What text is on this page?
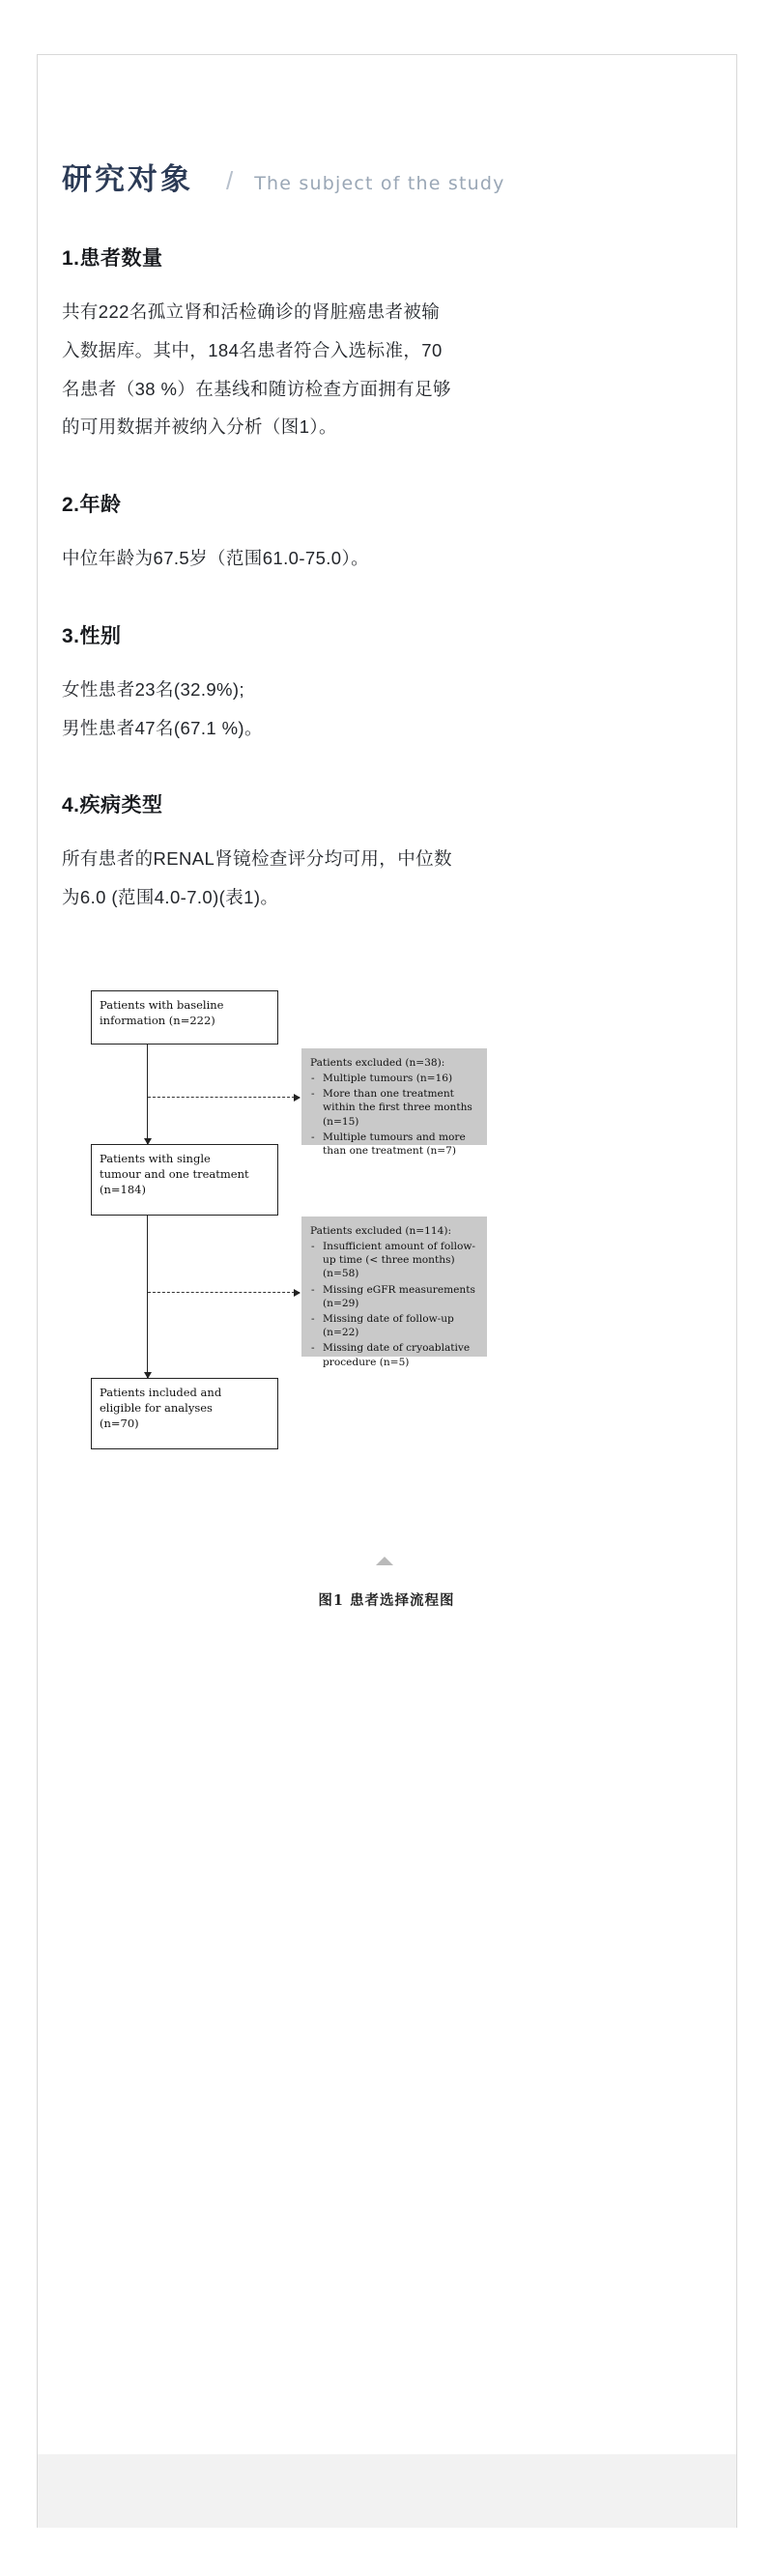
研究对象 / The subject of the study
1.患者数量
共有222名孤立肾和活检确诊的肾脏癌患者被输
入数据库。其中，184名患者符合入选标准，70
名患者（38 %）在基线和随访检查方面拥有足够
的可用数据并被纳入分析（图1）。
2.年龄
中位年龄为67.5岁（范围61.0-75.0）。
3.性别
女性患者23名(32.9%);
男性患者47名(67.1 %)。
4.疾病类型
所有患者的RENAL肾镜检查评分均可用，中位数
为6.0 (范围4.0-7.0)(表1)。
Patients with baseline
information (n=222)
Patients with single
tumour and one treatment
(n=184)
Patients included and
eligible for analyses
(n=70)
Patients excluded (n=38):
- Multiple tumours (n=16)
- More than one treatment within the first three months (n=15)
- Multiple tumours and more than one treatment (n=7)
Patients excluded (n=114):
- Insufficient amount of follow-up time (< three months) (n=58)
- Missing eGFR measurements (n=29)
- Missing date of follow-up (n=22)
- Missing date of cryoablative procedure (n=5)
图1 患者选择流程图
